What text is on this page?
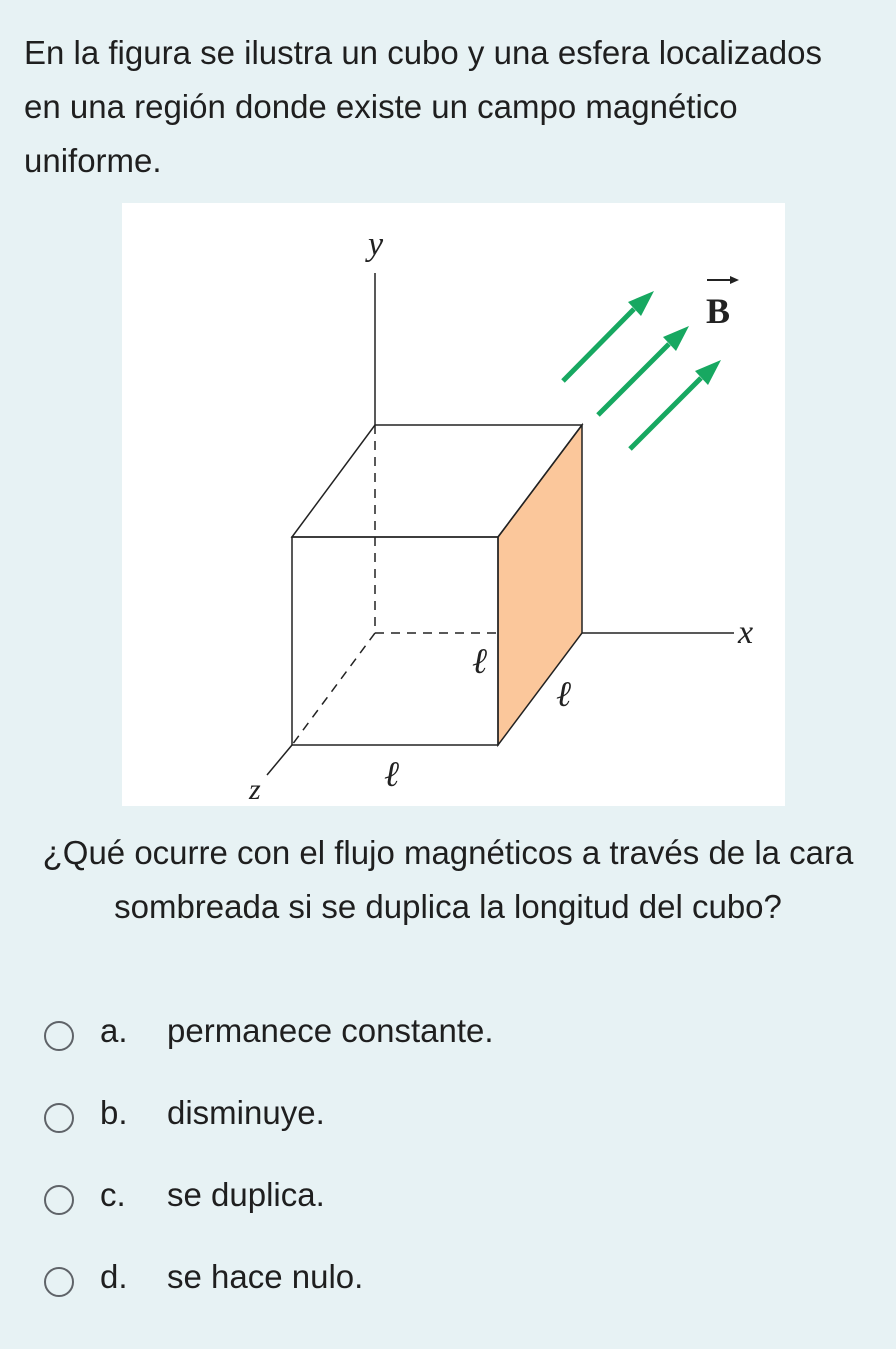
En la figura se ilustra un cubo y una esfera localizados en una región donde existe un campo magnético uniforme.

y
B
x
z
ℓ
ℓ
ℓ

¿Qué ocurre con el flujo magnéticos a través de la cara sombreada si se duplica la longitud del cubo?

a. permanece constante.
b. disminuye.
c. se duplica.
d. se hace nulo.
